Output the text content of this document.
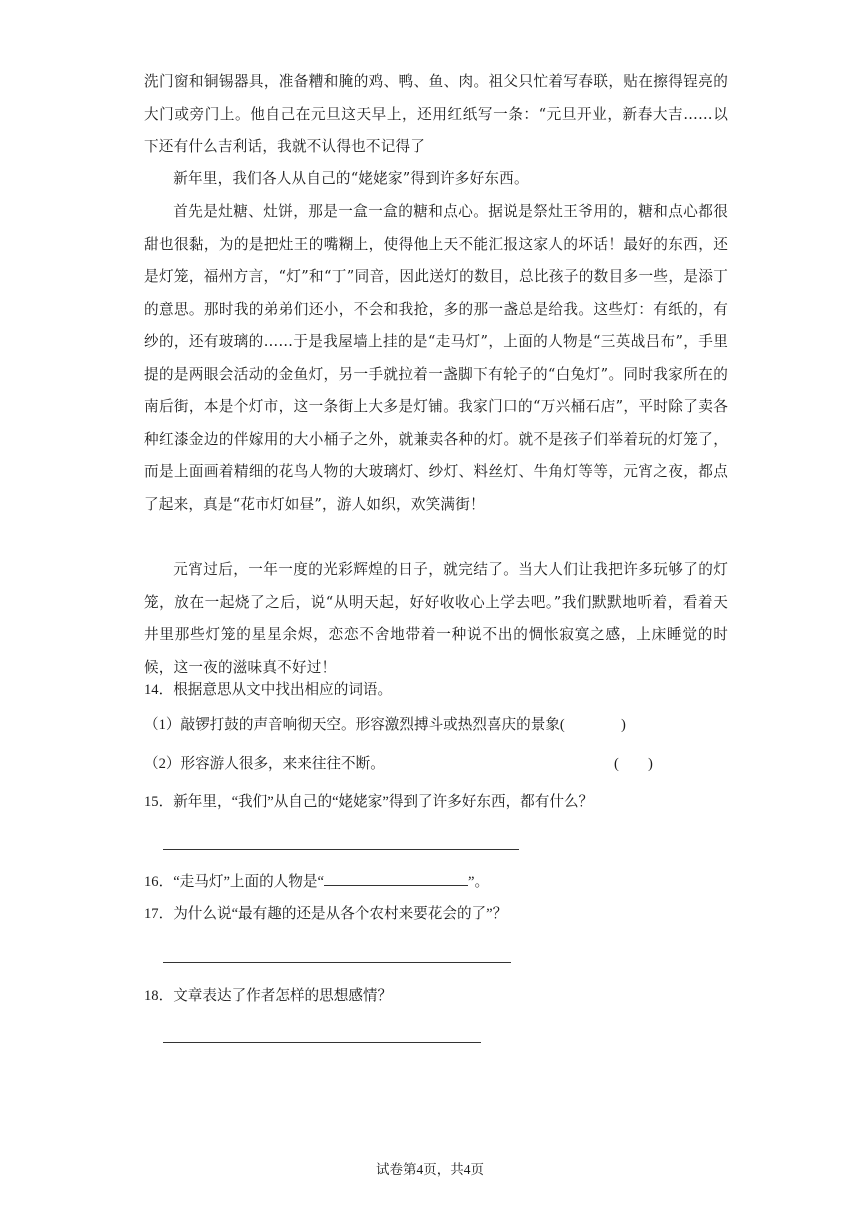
洗门窗和铜锡器具，准备糟和腌的鸡、鸭、鱼、肉。祖父只忙着写春联，贴在擦得锃亮的大门或旁门上。他自己在元旦这天早上，还用红纸写一条：“元旦开业，新春大吉……以下还有什么吉利话，我就不认得也不记得了

新年里，我们各人从自己的“姥姥家”得到许多好东西。

首先是灶糖、灶饼，那是一盒一盒的糖和点心。据说是祭灶王爷用的，糖和点心都很甜也很黏，为的是把灶王的嘴糊上，使得他上天不能汇报这家人的坏话！最好的东西，还是灯笼，福州方言，“灯”和“丁”同音，因此送灯的数目，总比孩子的数目多一些，是添丁的意思。那时我的弟弟们还小，不会和我抢，多的那一盏总是给我。这些灯：有纸的，有纱的，还有玻璃的……于是我屋墙上挂的是“走马灯”，上面的人物是“三英战吕布”，手里提的是两眼会活动的金鱼灯，另一手就拉着一盏脚下有轮子的“白兔灯”。同时我家所在的南后街，本是个灯市，这一条街上大多是灯铺。我家门口的“万兴桶石店”，平时除了卖各种红漆金边的伴嫁用的大小桶子之外，就兼卖各种的灯。就不是孩子们举着玩的灯笼了，而是上面画着精细的花鸟人物的大玻璃灯、纱灯、料丝灯、牛角灯等等，元宵之夜，都点了起来，真是“花市灯如昼”，游人如织，欢笑满街！

元宵过后，一年一度的光彩辉煌的日子，就完结了。当大人们让我把许多玩够了的灯笼，放在一起烧了之后，说“从明天起，好好收收心上学去吧。”我们默默地听着，看着天井里那些灯笼的星星余烬，恋恋不舍地带着一种说不出的惆怅寂寞之感，上床睡觉的时候，这一夜的滋味真不好过！

14．根据意思从文中找出相应的词语。

（1）敲锣打鼓的声音响彻天空。形容激烈搏斗或热烈喜庆的景象(	)

（2）形容游人很多，来来往往不断。	(        )

15．新年里，“我们”从自己的“姥姥家”得到了许多好东西，都有什么？

16．“走马灯”上面的人物是“	”。

17．为什么说“最有趣的还是从各个农村来要花会的了”？

18．文章表达了作者怎样的思想感情？

试卷第4页，共4页
